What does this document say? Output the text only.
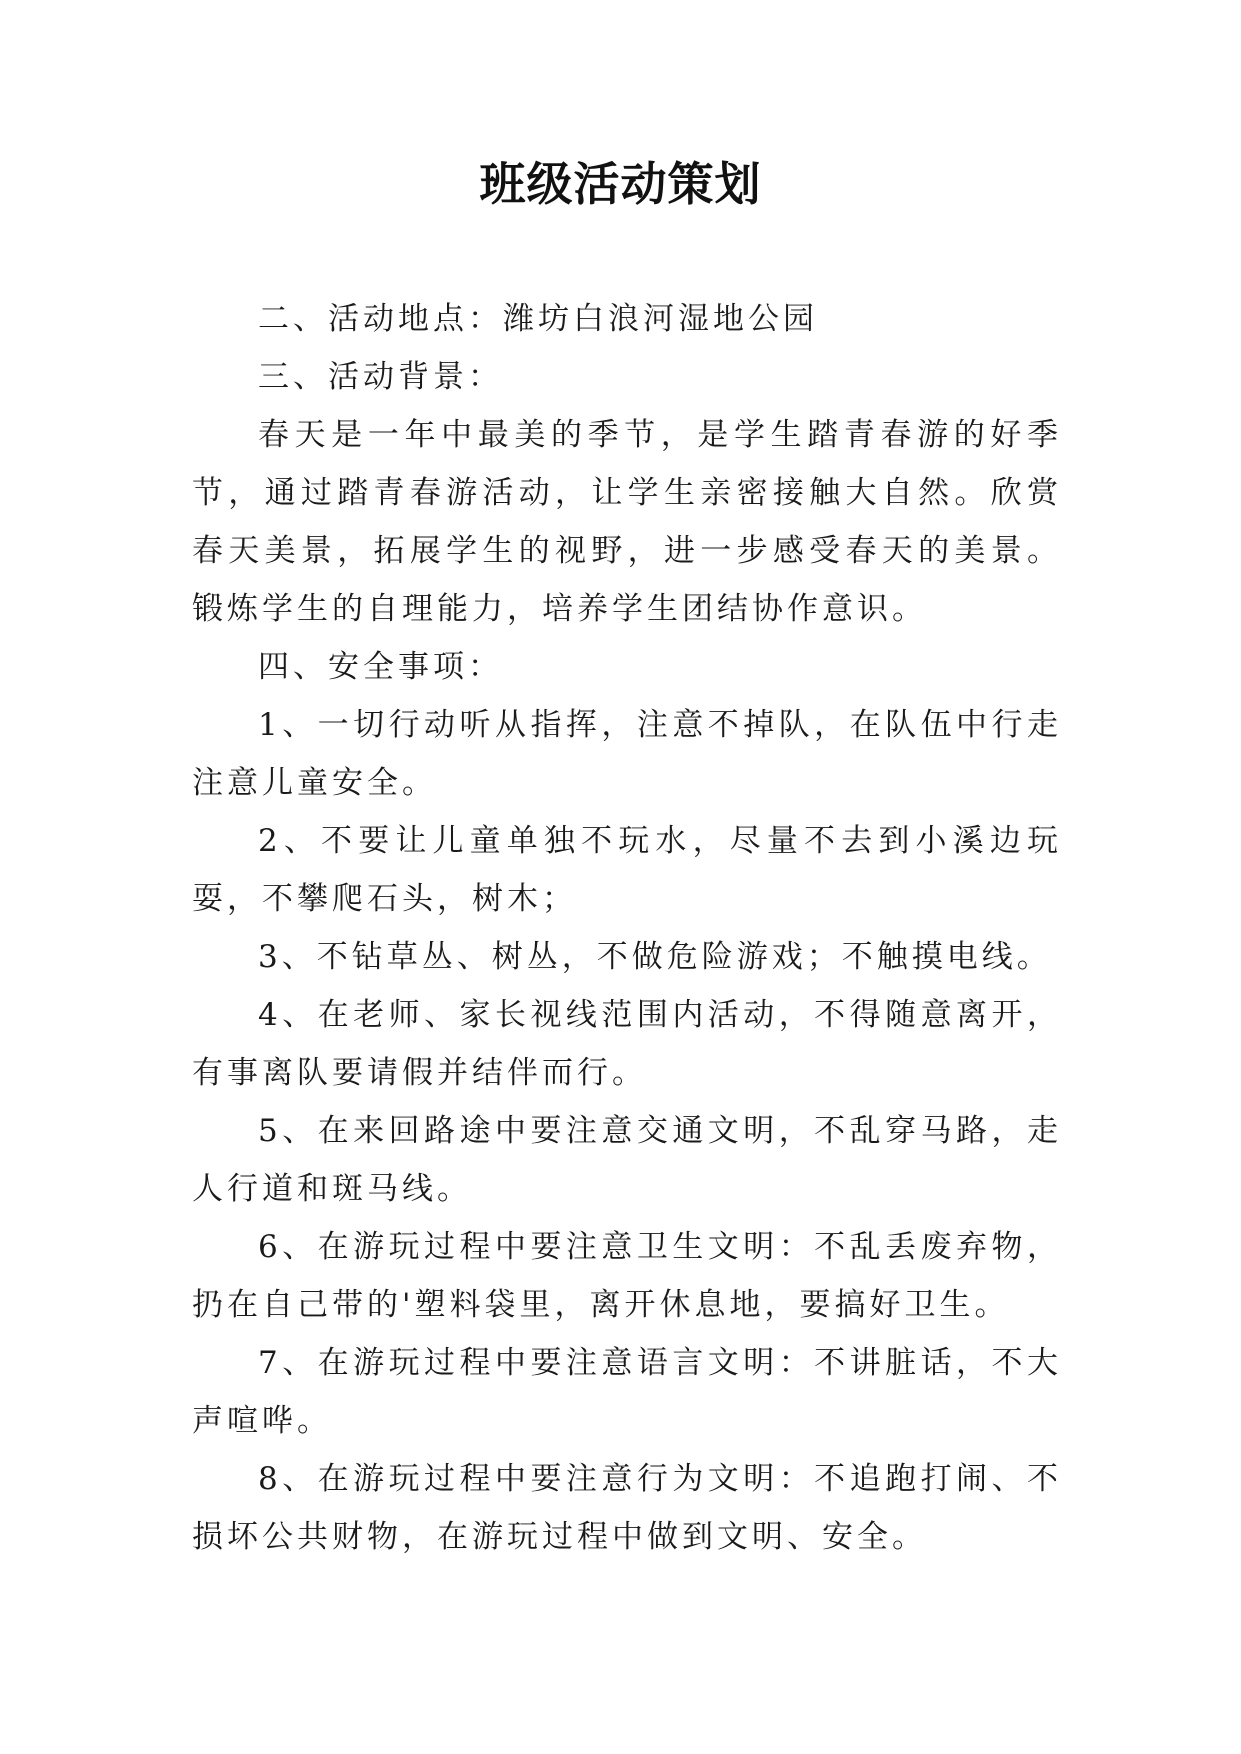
班级活动策划

二、活动地点：潍坊白浪河湿地公园

三、活动背景：

春天是一年中最美的季节，是学生踏青春游的好季节，通过踏青春游活动，让学生亲密接触大自然。欣赏春天美景，拓展学生的视野，进一步感受春天的美景。锻炼学生的自理能力，培养学生团结协作意识。

四、安全事项：

1、一切行动听从指挥，注意不掉队，在队伍中行走注意儿童安全。

2、不要让儿童单独不玩水，尽量不去到小溪边玩耍，不攀爬石头，树木；

3、不钻草丛、树丛，不做危险游戏；不触摸电线。

4、在老师、家长视线范围内活动，不得随意离开，有事离队要请假并结伴而行。

5、在来回路途中要注意交通文明，不乱穿马路，走人行道和斑马线。

6、在游玩过程中要注意卫生文明：不乱丢废弃物，扔在自己带的'塑料袋里，离开休息地，要搞好卫生。

7、在游玩过程中要注意语言文明：不讲脏话，不大声喧哗。

8、在游玩过程中要注意行为文明：不追跑打闹、不损坏公共财物，在游玩过程中做到文明、安全。
